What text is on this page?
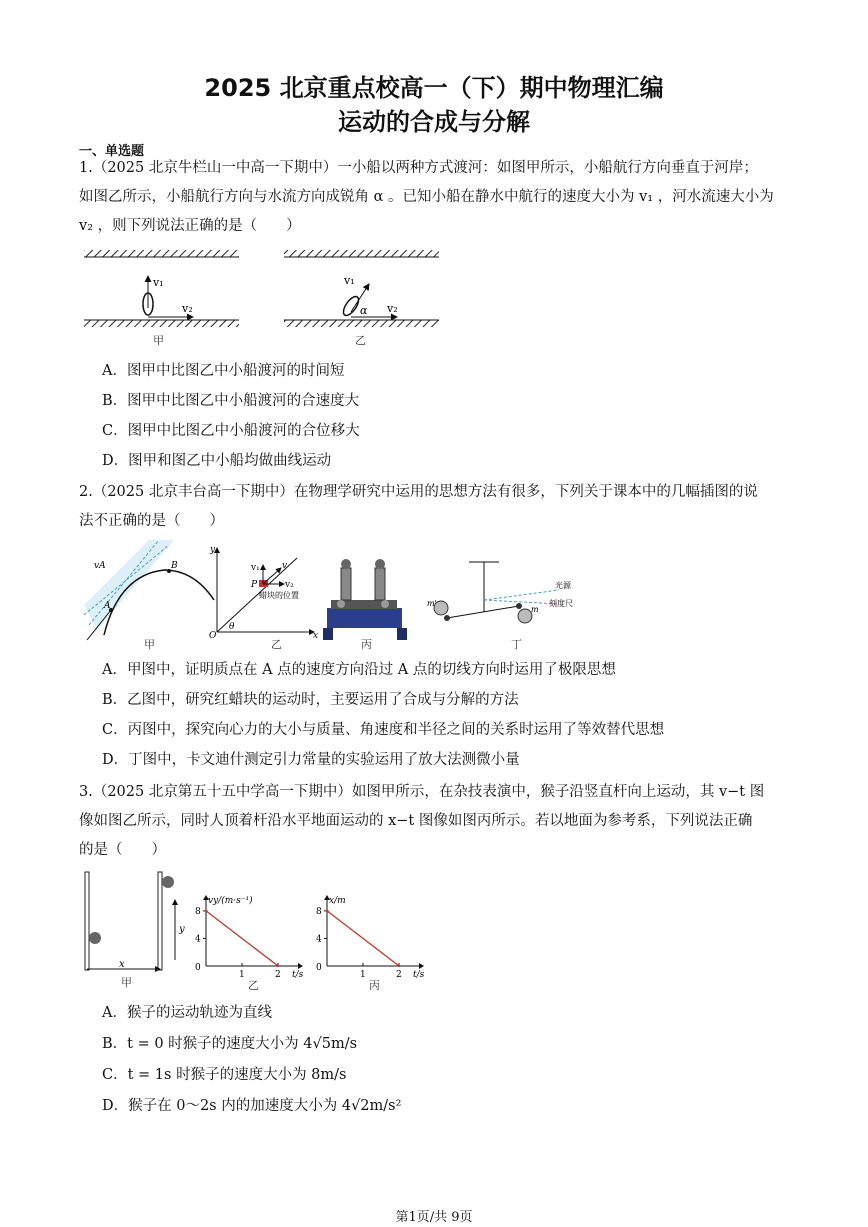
2025 北京重点校高一（下）期中物理汇编
运动的合成与分解
一、单选题
1.（2025 北京牛栏山一中高一下期中）一小船以两种方式渡河：如图甲所示，小船航行方向垂直于河岸；
如图乙所示，小船航行方向与水流方向成锐角 α 。已知小船在静水中航行的速度大小为 v₁ ，河水流速大小为
v₂ ，则下列说法正确的是（　　）
v₁
v₂
甲
v₁
α v₂
乙
A．图甲中比图乙中小船渡河的时间短
B．图甲中比图乙中小船渡河的合速度大
C．图甲中比图乙中小船渡河的合位移大
D．图甲和图乙中小船均做曲线运动
2.（2025 北京丰台高一下期中）在物理学研究中运用的思想方法有很多，下列关于课本中的几幅插图的说
法不正确的是（　　）
vA
A
B
甲
y
v₁ v
v₂
P
蜡块的位置
O
θ
x
乙	丙
m'
m
光源
刻度尺
丁
A．甲图中，证明质点在 A 点的速度方向沿过 A 点的切线方向时运用了极限思想
B．乙图中，研究红蜡块的运动时，主要运用了合成与分解的方法
C．丙图中，探究向心力的大小与质量、角速度和半径之间的关系时运用了等效替代思想
D．丁图中，卡文迪什测定引力常量的实验运用了放大法测微小量
3.（2025 北京第五十五中学高一下期中）如图甲所示，在杂技表演中，猴子沿竖直杆向上运动，其 v−t 图
像如图乙所示，同时人顶着杆沿水平地面运动的 x−t 图像如图丙所示。若以地面为参考系，下列说法正确
的是（　　）
x
y
甲
4
8
1	2
0
vy/(m·s⁻¹)
t/s
乙
4
8
1	2
0
x/m
t/s
丙
A．猴子的运动轨迹为直线
B．t = 0 时猴子的速度大小为 4√5m/s
C．t = 1s 时猴子的速度大小为 8m/s
D．猴子在 0～2s 内的加速度大小为 4√2m/s²
第1页/共 9页
